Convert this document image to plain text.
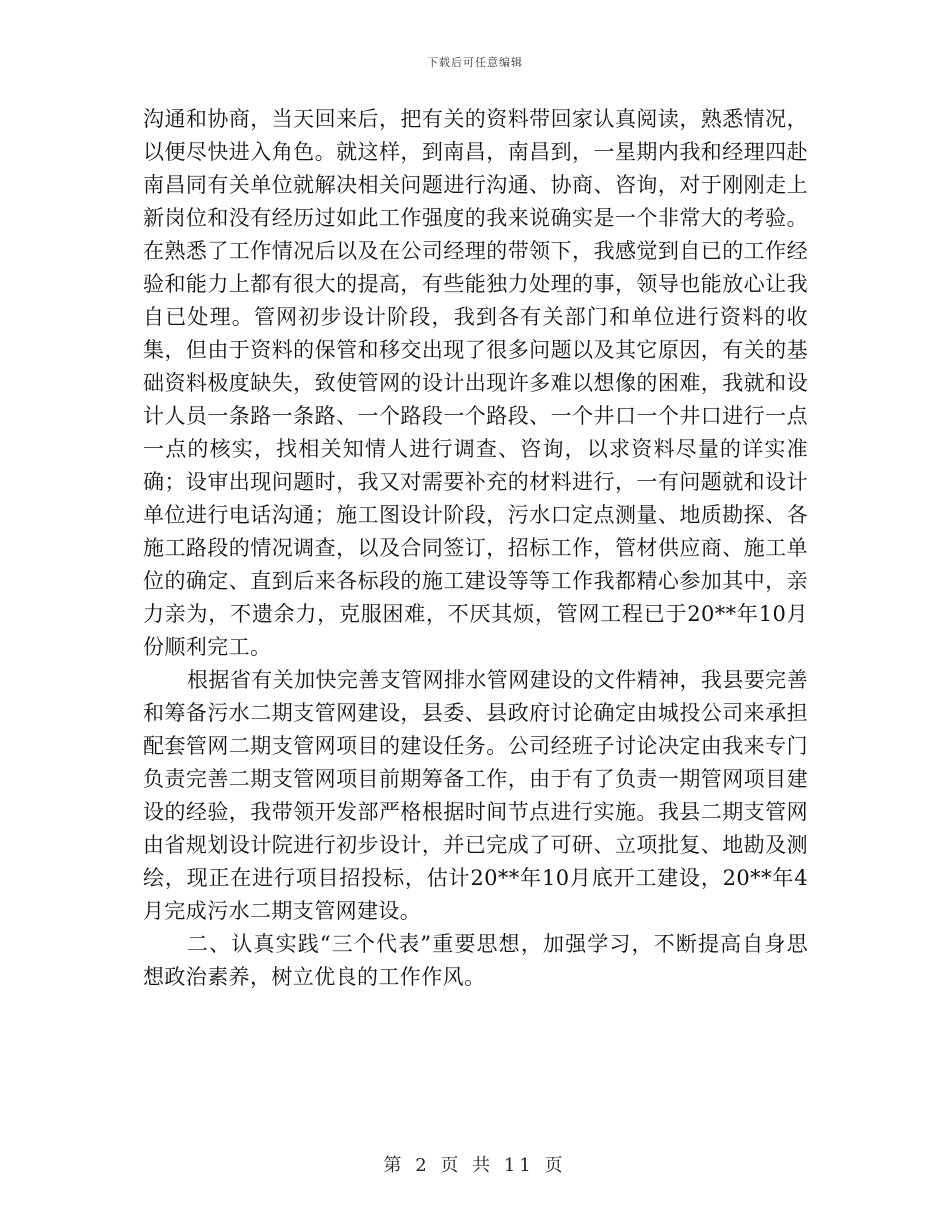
下载后可任意编辑

沟通和协商，当天回来后，把有关的资料带回家认真阅读，熟悉情况，以便尽快进入角色。就这样，到南昌，南昌到，一星期内我和经理四赴南昌同有关单位就解决相关问题进行沟通、协商、咨询，对于刚刚走上新岗位和没有经历过如此工作强度的我来说确实是一个非常大的考验。在熟悉了工作情况后以及在公司经理的带领下，我感觉到自已的工作经验和能力上都有很大的提高，有些能独力处理的事，领导也能放心让我自已处理。管网初步设计阶段，我到各有关部门和单位进行资料的收集，但由于资料的保管和移交出现了很多问题以及其它原因，有关的基础资料极度缺失，致使管网的设计出现许多难以想像的困难，我就和设计人员一条路一条路、一个路段一个路段、一个井口一个井口进行一点一点的核实，找相关知情人进行调查、咨询，以求资料尽量的详实准确；设审出现问题时，我又对需要补充的材料进行，一有问题就和设计单位进行电话沟通；施工图设计阶段，污水口定点测量、地质勘探、各施工路段的情况调查，以及合同签订，招标工作，管材供应商、施工单位的确定、直到后来各标段的施工建设等等工作我都精心参加其中，亲力亲为，不遗余力，克服困难，不厌其烦，管网工程已于20**年10月份顺利完工。

根据省有关加快完善支管网排水管网建设的文件精神，我县要完善和筹备污水二期支管网建设，县委、县政府讨论确定由城投公司来承担配套管网二期支管网项目的建设任务。公司经班子讨论决定由我来专门负责完善二期支管网项目前期筹备工作，由于有了负责一期管网项目建设的经验，我带领开发部严格根据时间节点进行实施。我县二期支管网由省规划设计院进行初步设计，并已完成了可研、立项批复、地勘及测绘，现正在进行项目招投标，估计20**年10月底开工建设，20**年4月完成污水二期支管网建设。

二、认真实践“三个代表”重要思想，加强学习，不断提高自身思想政治素养，树立优良的工作作风。

第 2 页 共 11 页
